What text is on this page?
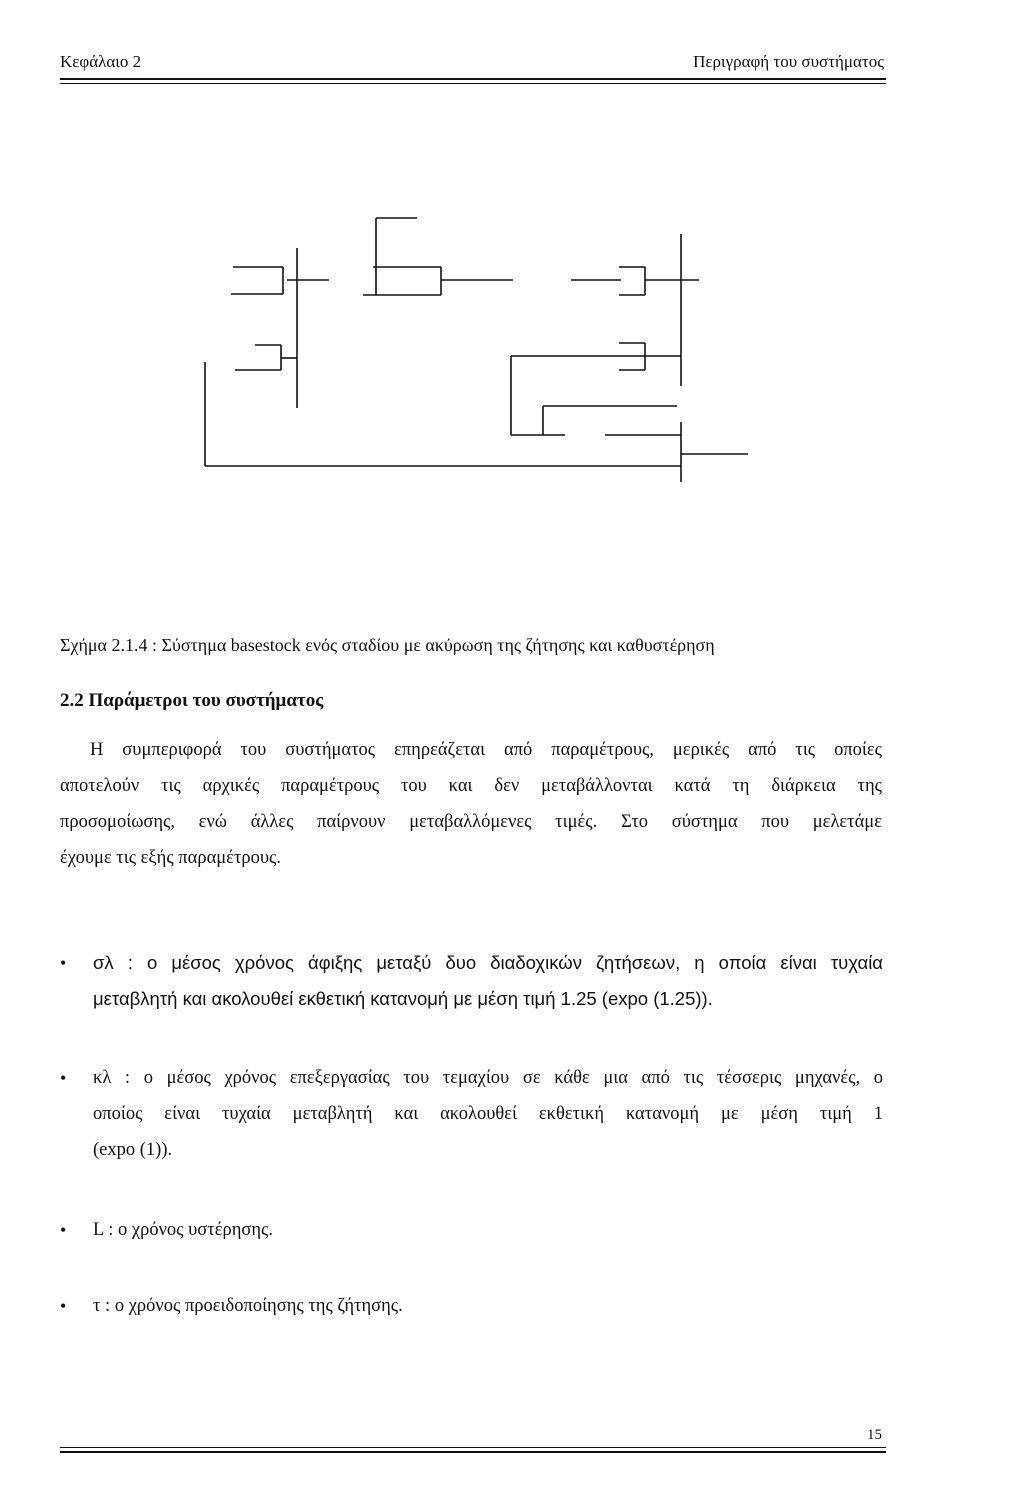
Κεφάλαιο 2	Περιγραφή του συστήματος
Σχήμα 2.1.4 : Σύστημα basestock ενός σταδίου με ακύρωση της ζήτησης και καθυστέρηση
2.2 Παράμετροι του συστήματος
Η συμπεριφορά του συστήματος επηρεάζεται από παραμέτρους, μερικές από τις οποίες
αποτελούν τις αρχικές παραμέτρους του και δεν μεταβάλλονται κατά τη διάρκεια της
προσομοίωσης, ενώ άλλες παίρνουν μεταβαλλόμενες τιμές. Στο σύστημα που μελετάμε
έχουμε τις εξής παραμέτρους.
• σλ : ο μέσος χρόνος άφιξης μεταξύ δυο διαδοχικών ζητήσεων, η οποία είναι τυχαία
μεταβλητή και ακολουθεί εκθετική κατανομή με μέση τιμή 1.25 (expo (1.25)).
• κλ : ο μέσος χρόνος επεξεργασίας του τεμαχίου σε κάθε μια από τις τέσσερις μηχανές, ο
οποίος είναι τυχαία μεταβλητή και ακολουθεί εκθετική κατανομή με μέση τιμή 1
(expo (1)).
• L : ο χρόνος υστέρησης.
• τ : ο χρόνος προειδοποίησης της ζήτησης.
15
